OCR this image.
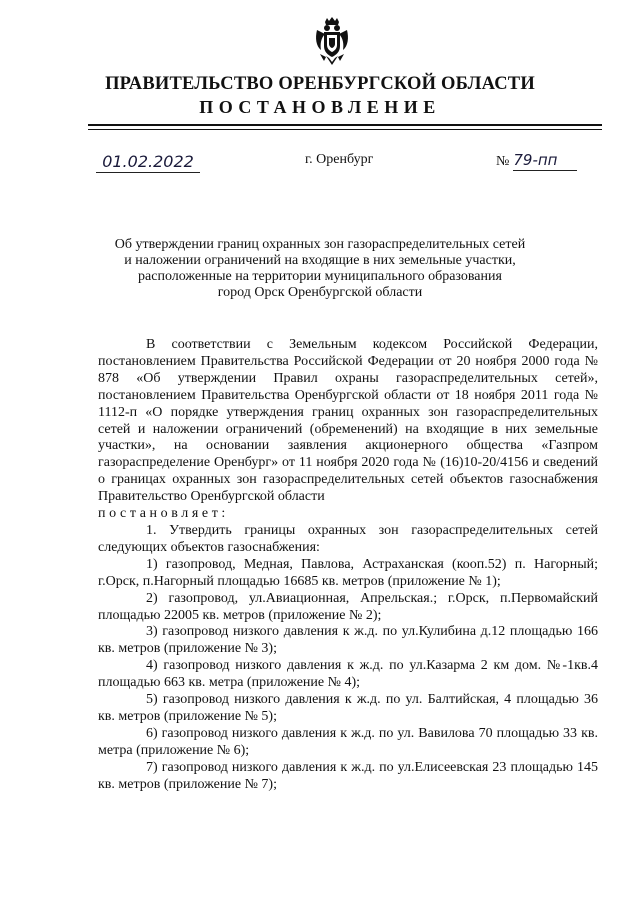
ПРАВИТЕЛЬСТВО ОРЕНБУРГСКОЙ ОБЛАСТИ
ПОСТАНОВЛЕНИЕ
01.02.2022	г. Оренбург	№ 79-пп
Об утверждении границ охранных зон газораспределительных сетей
и наложении ограничений на входящие в них земельные участки,
расположенные на территории муниципального образования
город Орск Оренбургской области

В соответствии с Земельным кодексом Российской Федерации, постановлением Правительства Российской Федерации от 20 ноября 2000 года № 878 «Об утверждении Правил охраны газораспределительных сетей», постановлением Правительства Оренбургской области от 18 ноября 2011 года № 1112-п «О порядке утверждения границ охранных зон газораспределительных сетей и наложении ограничений (обременений) на входящие в них земельные участки», на основании заявления акционерного общества «Газпром газораспределение Оренбург» от 11 ноября 2020 года № (16)10-20/4156 и сведений о границах охранных зон газораспределительных сетей объектов газоснабжения Правительство Оренбургской области

постановляет:

1. Утвердить границы охранных зон газораспределительных сетей следующих объектов газоснабжения:

1) газопровод, Медная, Павлова, Астраханская (кооп.52) п. Нагорный; г.Орск, п.Нагорный площадью 16685 кв. метров (приложение № 1);

2) газопровод, ул.Авиационная, Апрельская.; г.Орск, п.Первомайский площадью 22005 кв. метров (приложение № 2);

3) газопровод низкого давления к ж.д. по ул.Кулибина д.12 площадью 166 кв. метров (приложение № 3);

4) газопровод низкого давления к ж.д. по ул.Казарма 2 км дом. №-1кв.4 площадью 663 кв. метра (приложение № 4);

5) газопровод низкого давления к ж.д. по ул. Балтийская, 4 площадью 36 кв. метров (приложение № 5);

6) газопровод низкого давления к ж.д. по ул. Вавилова 70 площадью 33 кв. метра (приложение № 6);

7) газопровод низкого давления к ж.д. по ул.Елисеевская 23 площадью 145 кв. метров (приложение № 7);
